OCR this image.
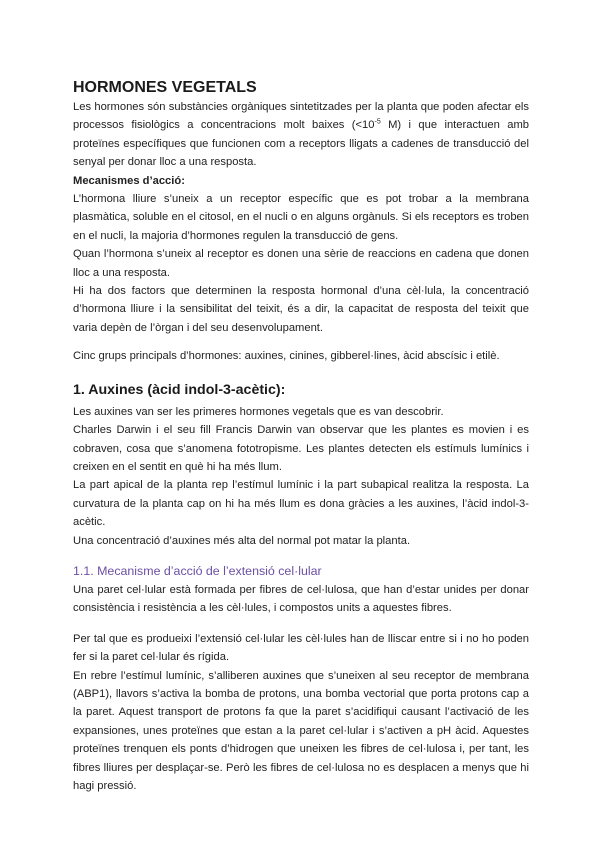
HORMONES VEGETALS

Les hormones són substàncies orgàniques sintetitzades per la planta que poden afectar els processos fisiològics a concentracions molt baixes ($<10^{-5}$ M) i que interactuen amb proteïnes específiques que funcionen com a receptors lligats a cadenes de transducció del senyal per donar lloc a una resposta.

Mecanismes d’acció:

L’hormona lliure s’uneix a un receptor específic que es pot trobar a la membrana plasmàtica, soluble en el citosol, en el nucli o en alguns orgànuls. Si els receptors es troben en el nucli, la majoria d’hormones regulen la transducció de gens.

Quan l’hormona s’uneix al receptor es donen una sèrie de reaccions en cadena que donen lloc a una resposta.

Hi ha dos factors que determinen la resposta hormonal d’una cèl·lula, la concentració d’hormona lliure i la sensibilitat del teixit, és a dir, la capacitat de resposta del teixit que varia depèn de l’òrgan i del seu desenvolupament.

Cinc grups principals d’hormones: auxines, cinines, gibberel·lines, àcid abscísic i etilè.

1. Auxines (àcid indol-3-acètic):

Les auxines van ser les primeres hormones vegetals que es van descobrir.

Charles Darwin i el seu fill Francis Darwin van observar que les plantes es movien i es cobraven, cosa que s’anomena fototropisme. Les plantes detecten els estímuls lumínics i creixen en el sentit en què hi ha més llum.

La part apical de la planta rep l’estímul lumínic i la part subapical realitza la resposta. La curvatura de la planta cap on hi ha més llum es dona gràcies a les auxines, l’àcid indol-3-acètic.

Una concentració d’auxines més alta del normal pot matar la planta.

1.1. Mecanisme d’acció de l’extensió cel·lular

Una paret cel·lular està formada per fibres de cel·lulosa, que han d’estar unides per donar consistència i resistència a les cèl·lules, i compostos units a aquestes fibres.

Per tal que es produeixi l’extensió cel·lular les cèl·lules han de lliscar entre si i no ho poden fer si la paret cel·lular és rígida.

En rebre l’estímul lumínic, s’alliberen auxines que s’uneixen al seu receptor de membrana (ABP1), llavors s’activa la bomba de protons, una bomba vectorial que porta protons cap a la paret. Aquest transport de protons fa que la paret s’acidifiqui causant l’activació de les expansiones, unes proteïnes que estan a la paret cel·lular i s’activen a pH àcid. Aquestes proteïnes trenquen els ponts d’hidrogen que uneixen les fibres de cel·lulosa i, per tant, les fibres lliures per desplaçar-se. Però les fibres de cel·lulosa no es desplacen a menys que hi hagi pressió.
